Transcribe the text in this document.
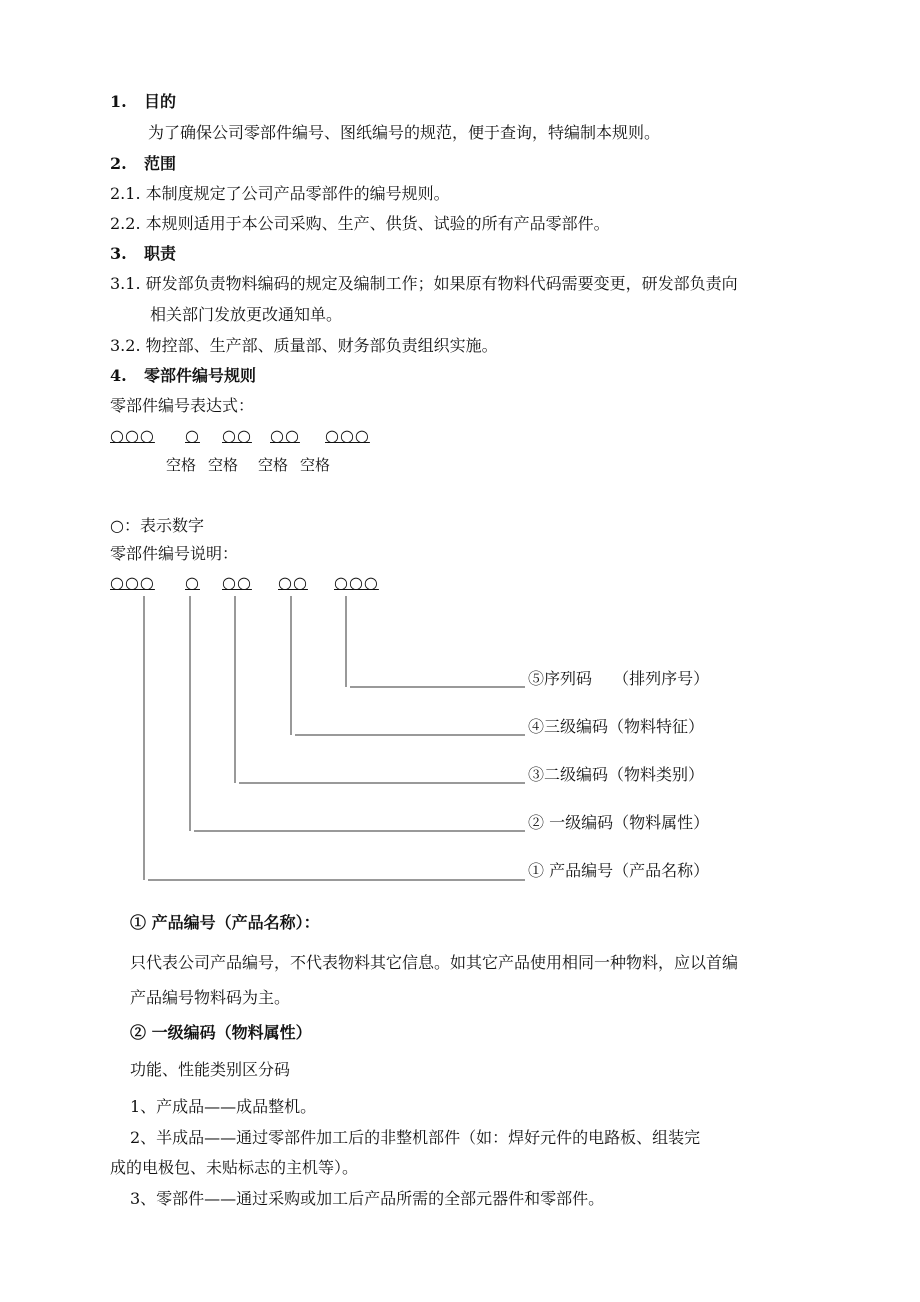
1. 目的
为了确保公司零部件编号、图纸编号的规范，便于查询，特编制本规则。
2. 范围
2.1. 本制度规定了公司产品零部件的编号规则。
2.2. 本规则适用于本公司采购、生产、供货、试验的所有产品零部件。
3. 职责
3.1. 研发部负责物料编码的规定及编制工作；如果原有物料代码需要变更，研发部负责向
相关部门发放更改通知单。
3.2. 物控部、生产部、质量部、财务部负责组织实施。
4. 零部件编号规则
零部件编号表达式：
○○○ ○ ○○ ○○ ○○○
空格 空格 空格 空格
○：表示数字
零部件编号说明：
○○○ ○ ○○ ○○ ○○○
⑤序列码　 （排列序号）
④三级编码（物料特征）
③二级编码（物料类别）
② 一级编码（物料属性）
① 产品编号（产品名称）
① 产品编号（产品名称）：
只代表公司产品编号，不代表物料其它信息。如其它产品使用相同一种物料，应以首编
产品编号物料码为主。
② 一级编码（物料属性）
功能、性能类别区分码
1、产成品——成品整机。
2、半成品——通过零部件加工后的非整机部件（如：焊好元件的电路板、组装完
成的电极包、未贴标志的主机等）。
3、零部件——通过采购或加工后产品所需的全部元器件和零部件。
